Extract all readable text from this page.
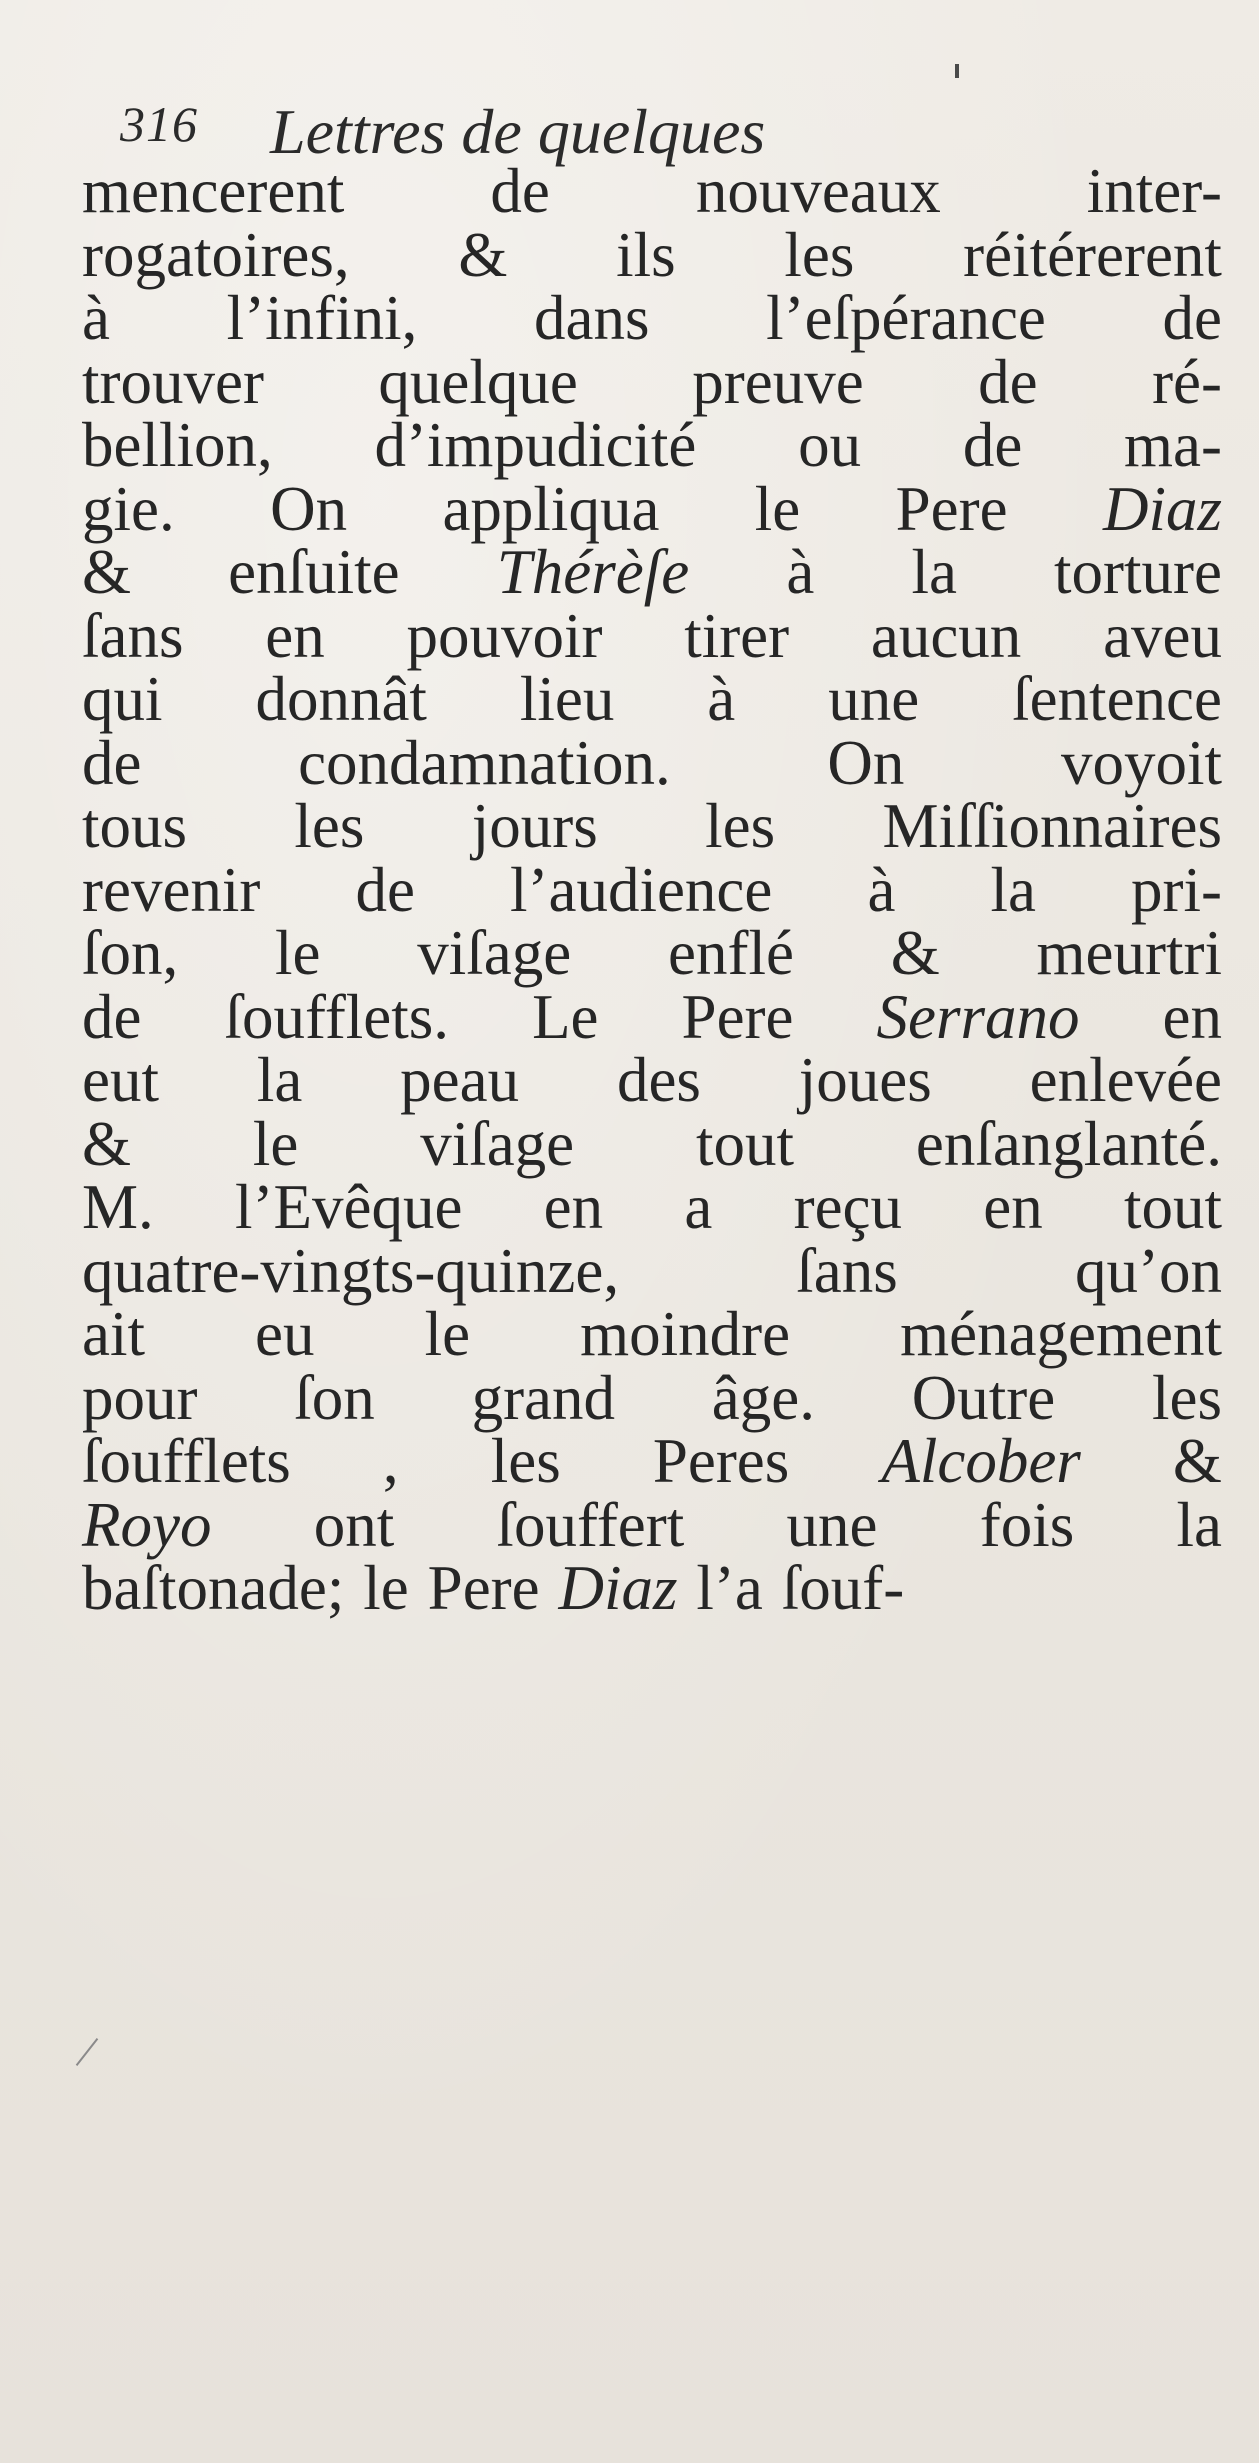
316 Lettres de quelques
mencerent de nouveaux inter-
rogatoires, & ils les réitérerent
à l’infini, dans l’eſpérance de
trouver quelque preuve de ré-
bellion, d’impudicité ou de ma-
gie. On appliqua le Pere Diaz
& enſuite Thérèſe à la torture
ſans en pouvoir tirer aucun aveu
qui donnât lieu à une ſentence
de condamnation. On voyoit
tous les jours les Miſſionnaires
revenir de l’audience à la pri-
ſon, le viſage enflé & meurtri
de ſoufflets. Le Pere Serrano en
eut la peau des joues enlevée
& le viſage tout enſanglanté.
M. l’Evêque en a reçu en tout
quatre-vingts-quinze,	ſans	qu’on
ait eu le moindre ménagement
pour ſon grand âge. Outre les
ſoufflets , les Peres Alcober &
Royo ont ſouffert une fois la
baſtonade; le Pere Diaz l’a ſouf-
